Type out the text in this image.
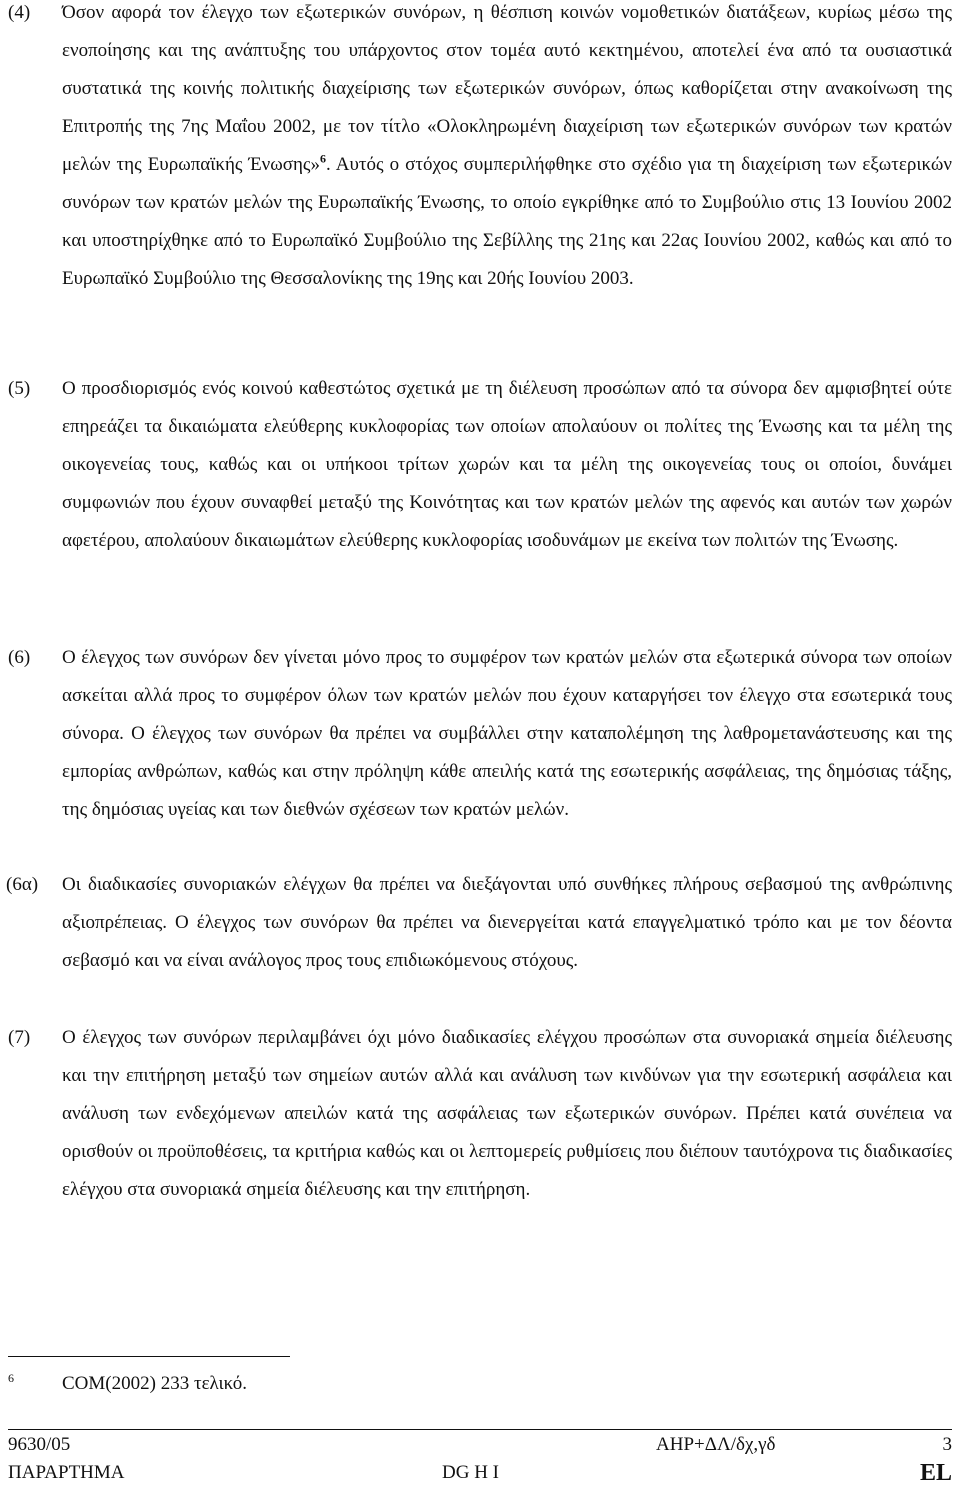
(4) Όσον αφορά τον έλεγχο των εξωτερικών συνόρων, η θέσπιση κοινών νομοθετικών διατάξεων, κυρίως μέσω της ενοποίησης και της ανάπτυξης του υπάρχοντος στον τομέα αυτό κεκτημένου, αποτελεί ένα από τα ουσιαστικά συστατικά της κοινής πολιτικής διαχείρισης των εξωτερικών συνόρων, όπως καθορίζεται στην ανακοίνωση της Επιτροπής της 7ης Μαΐου 2002, με τον τίτλο «Ολοκληρωμένη διαχείριση των εξωτερικών συνόρων των κρατών μελών της Ευρωπαϊκής Ένωσης»$^6$. Αυτός ο στόχος συμπεριλήφθηκε στο σχέδιο για τη διαχείριση των εξωτερικών συνόρων των κρατών μελών της Ευρωπαϊκής Ένωσης, το οποίο εγκρίθηκε από το Συμβούλιο στις 13 Ιουνίου 2002 και υποστηρίχθηκε από το Ευρωπαϊκό Συμβούλιο της Σεβίλλης της 21ης και 22ας Ιουνίου 2002, καθώς και από το Ευρωπαϊκό Συμβούλιο της Θεσσαλονίκης της 19ης και 20ής Ιουνίου 2003.
(5) Ο προσδιορισμός ενός κοινού καθεστώτος σχετικά με τη διέλευση προσώπων από τα σύνορα δεν αμφισβητεί ούτε επηρεάζει τα δικαιώματα ελεύθερης κυκλοφορίας των οποίων απολαύουν οι πολίτες της Ένωσης και τα μέλη της οικογενείας τους, καθώς και οι υπήκοοι τρίτων χωρών και τα μέλη της οικογενείας τους οι οποίοι, δυνάμει συμφωνιών που έχουν συναφθεί μεταξύ της Κοινότητας και των κρατών μελών της αφενός και αυτών των χωρών αφετέρου, απολαύουν δικαιωμάτων ελεύθερης κυκλοφορίας ισοδυνάμων με εκείνα των πολιτών της Ένωσης.
(6) Ο έλεγχος των συνόρων δεν γίνεται μόνο προς το συμφέρον των κρατών μελών στα εξωτερικά σύνορα των οποίων ασκείται αλλά προς το συμφέρον όλων των κρατών μελών που έχουν καταργήσει τον έλεγχο στα εσωτερικά τους σύνορα. Ο έλεγχος των συνόρων θα πρέπει να συμβάλλει στην καταπολέμηση της λαθρομετανάστευσης και της εμπορίας ανθρώπων, καθώς και στην πρόληψη κάθε απειλής κατά της εσωτερικής ασφάλειας, της δημόσιας τάξης, της δημόσιας υγείας και των διεθνών σχέσεων των κρατών μελών.
(6α) Οι διαδικασίες συνοριακών ελέγχων θα πρέπει να διεξάγονται υπό συνθήκες πλήρους σεβασμού της ανθρώπινης αξιοπρέπειας. Ο έλεγχος των συνόρων θα πρέπει να διενεργείται κατά επαγγελματικό τρόπο και με τον δέοντα σεβασμό και να είναι ανάλογος προς τους επιδιωκόμενους στόχους.
(7) Ο έλεγχος των συνόρων περιλαμβάνει όχι μόνο διαδικασίες ελέγχου προσώπων στα συνοριακά σημεία διέλευσης και την επιτήρηση μεταξύ των σημείων αυτών αλλά και ανάλυση των κινδύνων για την εσωτερική ασφάλεια και ανάλυση των ενδεχόμενων απειλών κατά της ασφάλειας των εξωτερικών συνόρων. Πρέπει κατά συνέπεια να ορισθούν οι προϋποθέσεις, τα κριτήρια καθώς και οι λεπτομερείς ρυθμίσεις που διέπουν ταυτόχρονα τις διαδικασίες ελέγχου στα συνοριακά σημεία διέλευσης και την επιτήρηση.
6	COM(2002) 233 τελικό.
9630/05	ΑΗΡ+ΔΛ/δχ,γδ	3
ΠΑΡΑΡΤΗΜΑ	DG H I	EL
